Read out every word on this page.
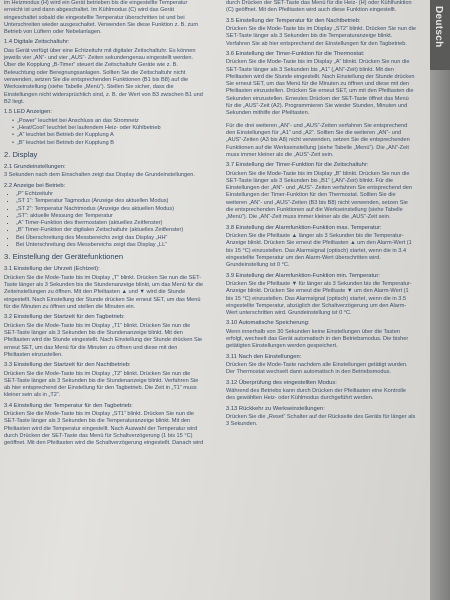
im Heizmodus (H) wird ein Gerät betrieben bis die eingestellte Temperatur erreicht ist und dann abgeschaltet. Im Kühlmodus (C) wird das Gerät eingeschaltet sobald die eingestellte Temperatur überschritten ist und bei Unterschreiten wieder ausgeschaltet. Verwenden Sie diese Funktion z. B. zum Betrieb von Lüftern oder Nebelanlagen.

1.4 Digitale Zeitschaltuhr:

Das Gerät verfügt über eine Echtzeituhr mit digitaler Zeitschaltuhr. Es können jeweils vier „AN“- und vier „AUS“- Zeiten sekundengenau eingestellt werden. Über die Kopplung „B-Timer“ steuert die Zeitschaltuhr Geräte wie z. B. Beleuchtung oder Beregnungsanlagen. Sollten Sie die Zeitschaltuhr nicht verwenden, setzen Sie die entsprechenden Funktionen (B1 bis B8) auf die Werkseinstellung (siehe Tabelle „Menü“). Stellen Sie sicher, dass die Einstellungen nicht widersprüchlich sind, z. B. der Wert von B3 zwischen B1 und B2 liegt.

1.5 LED Anzeigen:
• „Power“ leuchtet bei Anschluss an das Stromnetz
• „Heat/Cool“ leuchtet bei laufendem Heiz- oder Kühlbetrieb
• „A“ leuchtet bei Betrieb der Kupplung A
• „B“ leuchtet bei Betrieb der Kupplung B
2. Display
2.1 Grundeinstellungen:

3 Sekunden nach dem Einschalten zeigt das Display die Grundeinstellungen.

2.2 Anzeige bei Betrieb:
▪ „P“ Echtzeituhr
▪ „ST 1“: Temperatur Tagmodus (Anzeige des aktuellen Modus)
▪ „ST 2“: Temperatur Nachtmodus (Anzeige des aktuellen Modus)
▪ „ST“: aktuelle Messung der Temperatur
▪ „A“ Timer-Funktion des thermostaten (aktuelles Zeitfenster)
▪ „B“ Timer-Funktion der digitalen Zeitschaltuhr (aktuelles Zeitfenster)
▪ Bei Überschreitung des Messbereichs zeigt das Display „HH“
▪ Bei Unterschreitung des Messbereichs zeigt das Display „LL“
3. Einstellung der Gerätefunktionen
3.1 Einstellung der Uhrzeit (Echtzeit):

Drücken Sie die Mode-Taste bis im Display „T“ blinkt. Drücken Sie nun die SET-Taste länger als 3 Sekunden bis die Stundenanzeige blinkt, um das Menü für die Zeiteinstellungen zu öffnen. Mit den Pfeiltasten ▲ und ▼ wird die Stunde eingestellt. Nach Einstellung der Stunde drücken Sie erneut SET, um das Menü für die Minuten zu öffnen und stellen die Minuten ein.

3.2 Einstellung der Startzeit für den Tagbetrieb:

Drücken Sie die Mode-Taste bis im Display „T1“ blinkt. Drücken Sie nun die SET-Taste länger als 3 Sekunden bis die Stundenanzeige blinkt. Mit den Pfeiltasten wird die Stunde eingestellt. Nach Einstellung der Stunde drücken Sie erneut SET, um das Menü für die Minuten zu öffnen und diese mit den Pfeiltasten einzustellen.

3.3 Einstellung der Startzeit für den Nachtbetrieb:

Drücken Sie die Mode-Taste bis im Display „T2“ blinkt. Drücken Sie nun die SET-Taste länger als 3 Sekunden bis die Stundenanzeige blinkt. Verfahren Sie ab hier entsprechend der Einstellung für den Tagbetrieb. Die Zeit in „T1“ muss kleiner sein als in „T2“.

3.4 Einstellung der Temperatur für den Tagbetrieb:

Drücken Sie die Mode-Taste bis im Display „ST1“ blinkt. Drücken Sie nun die SET-Taste länger als 3 Sekunden bis die Temperaturanzeige blinkt. Mit den Pfeiltasten wird die Temperatur eingestellt. Nach Auswahl der Temperatur wird durch Drücken der SET-Taste das Menü für Schaltverzögerung (1 bis 15 °C) geöffnet. Mit den Pfeiltasten wird die Schaltverzögerung eingestellt. Danach wird

durch Drücken der SET-Taste das Menü für die Heiz- (H) oder Kühlfunktion (C) geöffnet. Mit den Pfeiltasten wird auch diese Funktion eingestellt.

3.5 Einstellung der Temperatur für den Nachtbetrieb:

Drücken Sie die Mode-Taste bis im Display „ST2“ blinkt. Drücken Sie nun die SET-Taste länger als 3 Sekunden bis die Temperaturanzeige blinkt. Verfahren Sie ab hier entsprechend der Einstellungen für den Tagbetrieb.

3.6 Einstellung der Timer-Funktion für die Thermostat:

Drücken Sie die Mode-Taste bis im Display „A“ blinkt. Drücken Sie nun die SET-Taste länger als 3 Sekunden bis „A1“ („AN“-Zeit) blinkt. Mit den Pfeiltasten wird die Stunde eingestellt. Nach Einstellung der Stunde drücken Sie erneut SET, um das Menü für die Minuten zu öffnen und diese mit den Pfeiltasten einzustellen. Drücken Sie erneut SET, um mit den Pfeiltasten die Sekunden einzustellen. Erneutes Drücken der SET-Taste öffnet das Menü für die „AUS“-Zeit (A2). Programmieren Sie wieder Stunden, Minuten und Sekunden mithilfe der Pfeiltasten.

Für die drei weiteren „AN“- und „AUS“-Zeiten verfahren Sie entsprechend den Einstellungen für „A1“ und „A2“. Sollten Sie die weiteren „AN“- und „AUS“-Zeiten (A3 bis A8) nicht verwenden, setzen Sie die entsprechenden Funktionen auf die Werkseinstellung (siehe Tabelle „Menü“). Die „AN“-Zeit muss immer kleiner als die „AUS“-Zeit sein.

3.7 Einstellung der Timer-Funktion für die Zeitschaltuhr:

Drücken Sie die Mode-Taste bis im Display „B“ blinkt. Drücken Sie nun die SET-Taste länger als 3 Sekunden bis „B1“ („AN“-Zeit) blinkt. Für die Einstellungen der „AN“- und „AUS“- Zeiten verfahren Sie entsprechend den Einstellungen der Timer-Funktion für den Thermostat. Sollten Sie die weiteren „AN“- und „AUS“-Zeiten (B3 bis B8) nicht verwenden, setzen Sie die entsprechenden Funktionen auf die Werkseinstellung (siehe Tabelle „Menü“). Die „AN“-Zeit muss immer kleiner als die „AUS“-Zeit sein.

3.8 Einstellung der Alarmfunktion-Funktion max. Temperatur:

Drücken Sie die Pfeiltaste ▲ länger als 3 Sekunden bis die Temperatur-Anzeige blinkt. Drücken Sie erneut die Pfeiltasten ▲ um den Alarm-Wert (1 bis 15 °C) einzustellen. Das Alarmsignal (optisch) startet, wenn die in 3.4 eingestellte Temperatur um den Alarm-Wert überschritten wird. Grundeinstellung ist 0 °C.

3.9 Einstellung der Alarmfunktion-Funktion min. Temperatur:

Drücken Sie die Pfeiltaste ▼ für länger als 3 Sekunden bis die Temperatur-Anzeige blinkt. Drücken Sie erneut die Pfeiltaste ▼ um den Alarm-Wert (1 bis 15 °C) einzustellen. Das Alarmsignal (optisch) startet, wenn die in 3.5 eingestellte Temperatur, abzüglich der Schaltverzögerung um den Alarm-Wert unterschritten wird. Grundeinstellung ist 0 °C.

3.10 Automatische Speicherung:

Wenn innerhalb von 30 Sekunden keine Einstellungen über die Tasten erfolgt, wechselt das Gerät automatisch in den Betriebsmodus. Die bisher getätigten Einstellungen werden gespeichert.

3.11 Nach den Einstellungen:

Drücken Sie die Mode-Taste nachdem alle Einstellungen getätigt wurden. Der Thermostat wechselt dann automatisch in den Betriebsmodus.

3.12 Überprüfung des eingestellten Modus:

Während des Betriebs kann durch Drücken der Pfeiltasten eine Kontrolle des gewählten Heiz- oder Kühlmodus durchgeführt werden.

3.13 Rückkehr zu Werkseinstellungen:

Drücken Sie die „Reset“ Schalter auf der Rückseite des Geräts für länger als 3 Sekunden.

Deutsch
